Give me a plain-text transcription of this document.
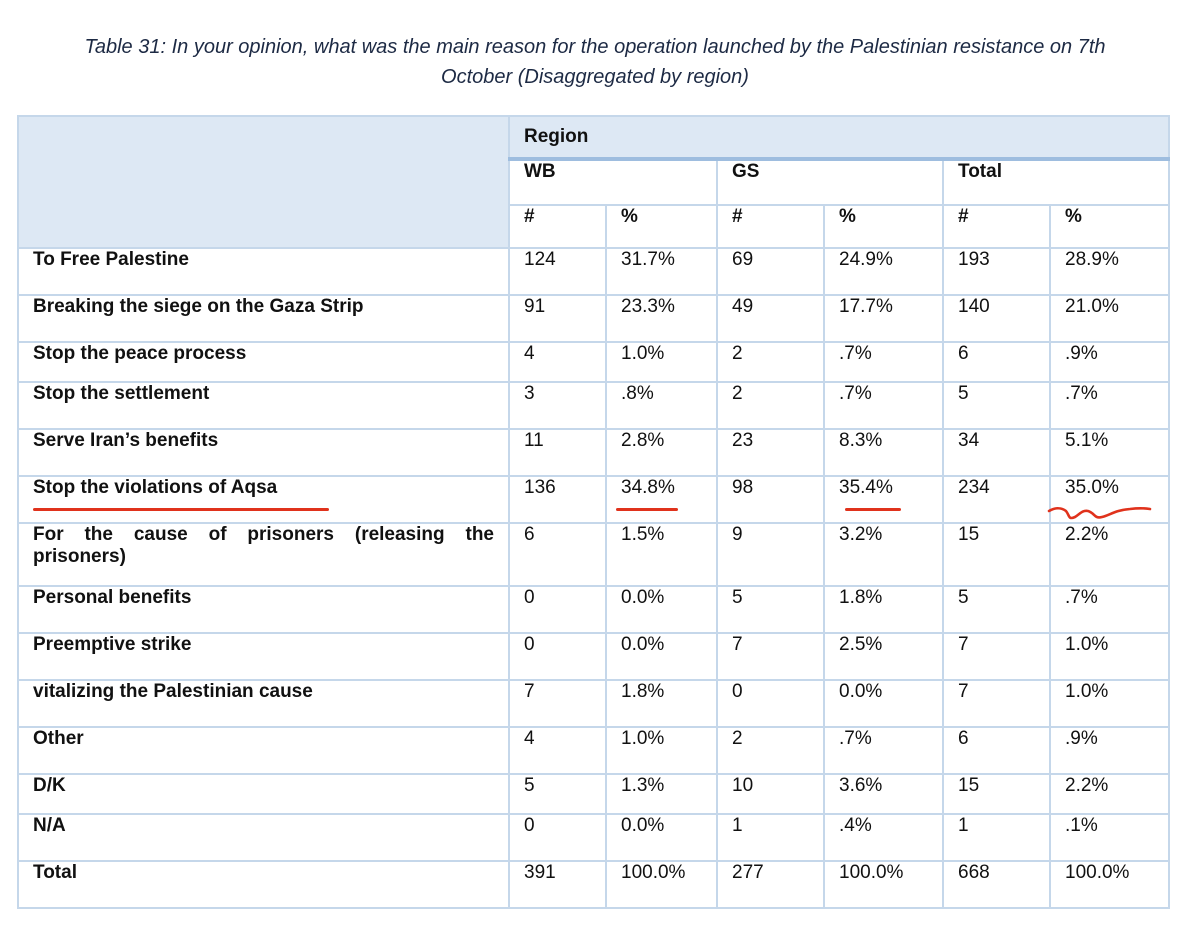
Table 31: In your opinion, what was the main reason for the operation launched by the Palestinian resistance on 7th
October (Disaggregated by region)
	Region					
	WB		GS		Total	
	#	%	#	%	#	%
To Free Palestine	124	31.7%	69	24.9%	193	28.9%
Breaking the siege on the Gaza Strip	91	23.3%	49	17.7%	140	21.0%
Stop the peace process	4	1.0%	2	.7%	6	.9%
Stop the settlement	3	.8%	2	.7%	5	.7%
Serve Iran’s benefits	11	2.8%	23	8.3%	34	5.1%
Stop the violations of Aqsa	136	34.8%	98	35.4%	234	35.0%
For the cause of prisoners (releasing the prisoners)	6	1.5%	9	3.2%	15	2.2%
Personal benefits	0	0.0%	5	1.8%	5	.7%
Preemptive strike	0	0.0%	7	2.5%	7	1.0%
vitalizing the Palestinian cause	7	1.8%	0	0.0%	7	1.0%
Other	4	1.0%	2	.7%	6	.9%
D/K	5	1.3%	10	3.6%	15	2.2%
N/A	0	0.0%	1	.4%	1	.1%
Total	391	100.0%	277	100.0%	668	100.0%
